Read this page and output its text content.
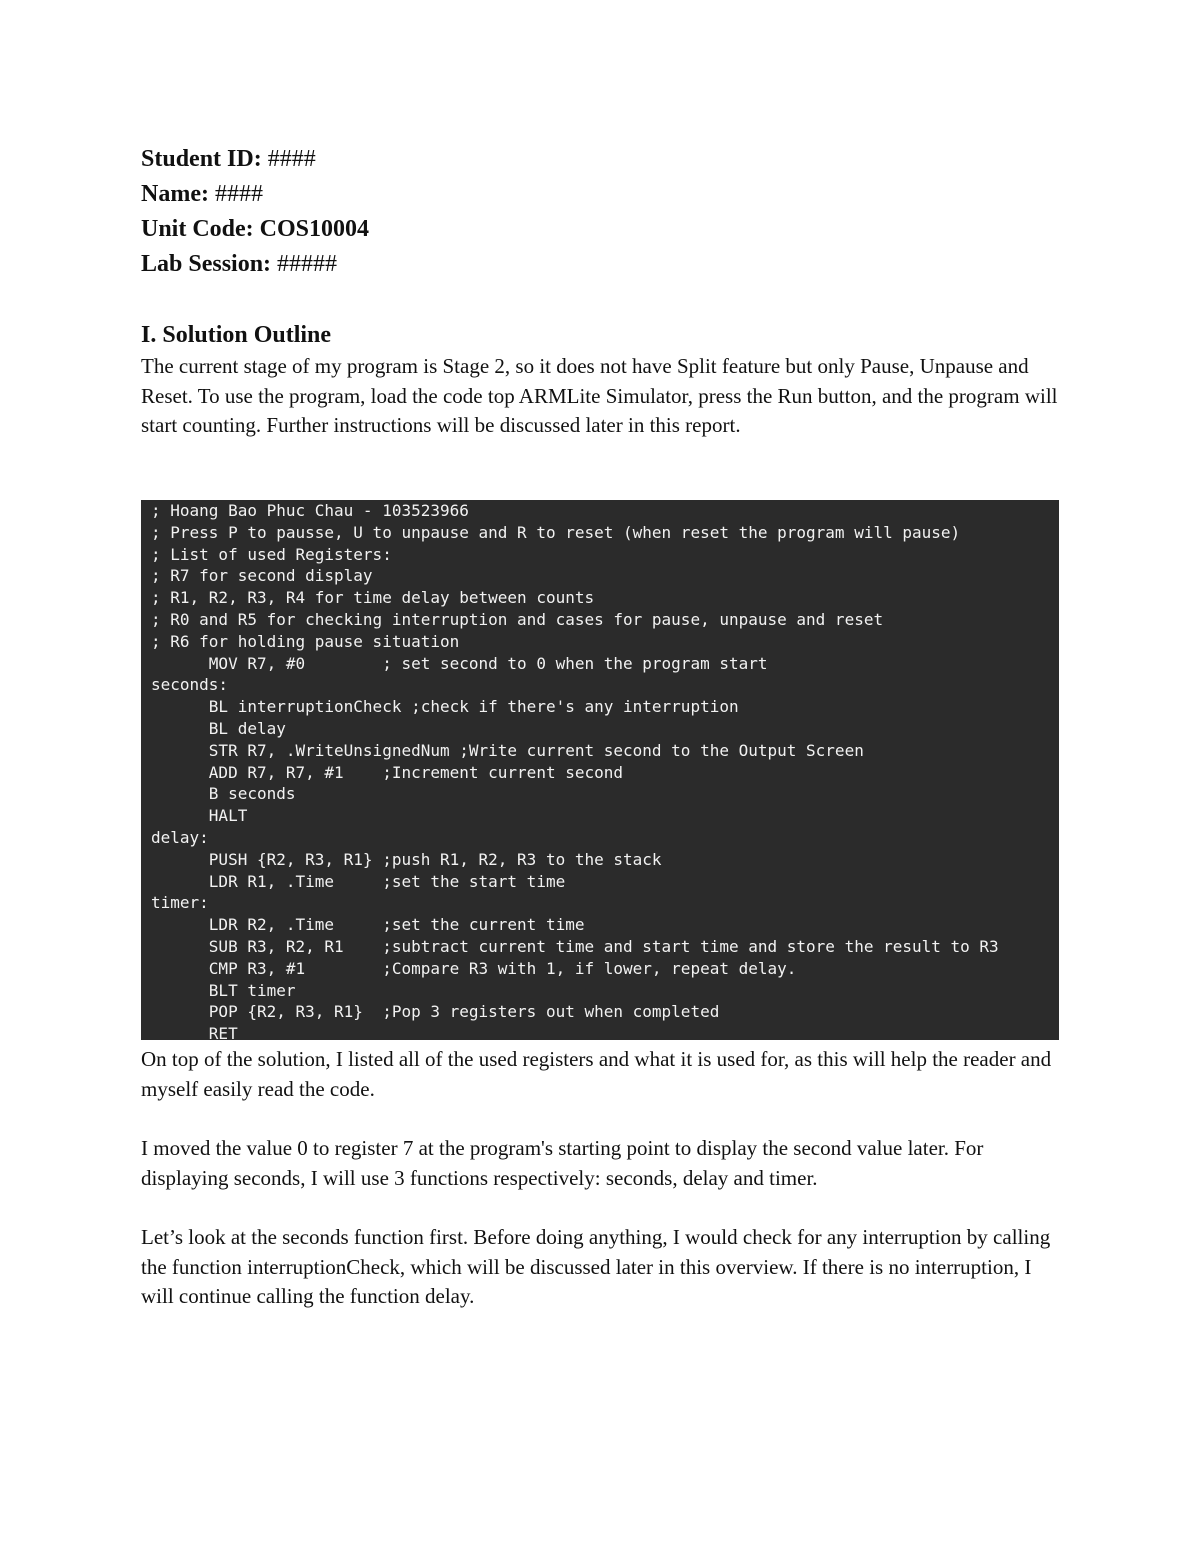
Student ID: ####
Name: ####
Unit Code: COS10004
Lab Session: #####
I. Solution Outline

The current stage of my program is Stage 2, so it does not have Split feature but only Pause, Unpause and Reset. To use the program, load the code top ARMLite Simulator, press the Run button, and the program will start counting. Further instructions will be discussed later in this report.

; Hoang Bao Phuc Chau - 103523966
; Press P to pausse, U to unpause and R to reset (when reset the program will pause)
; List of used Registers:
; R7 for second display
; R1, R2, R3, R4 for time delay between counts
; R0 and R5 for checking interruption and cases for pause, unpause and reset
; R6 for holding pause situation
MOV R7, #0        ; set second to 0 when the program start
seconds:
BL interruptionCheck ;check if there's any interruption
BL delay
STR R7, .WriteUnsignedNum ;Write current second to the Output Screen
ADD R7, R7, #1    ;Increment current second
B seconds
HALT
delay:
PUSH {R2, R3, R1} ;push R1, R2, R3 to the stack
LDR R1, .Time     ;set the start time
timer:
LDR R2, .Time     ;set the current time
SUB R3, R2, R1    ;subtract current time and start time and store the result to R3
CMP R3, #1        ;Compare R3 with 1, if lower, repeat delay.
BLT timer
POP {R2, R3, R1}  ;Pop 3 registers out when completed
RET

On top of the solution, I listed all of the used registers and what it is used for, as this will help the reader and myself easily read the code.

I moved the value 0 to register 7 at the program's starting point to display the second value later. For displaying seconds, I will use 3 functions respectively: seconds, delay and timer.

Let’s look at the seconds function first. Before doing anything, I would check for any interruption by calling the function interruptionCheck, which will be discussed later in this overview. If there is no interruption, I will continue calling the function delay.
